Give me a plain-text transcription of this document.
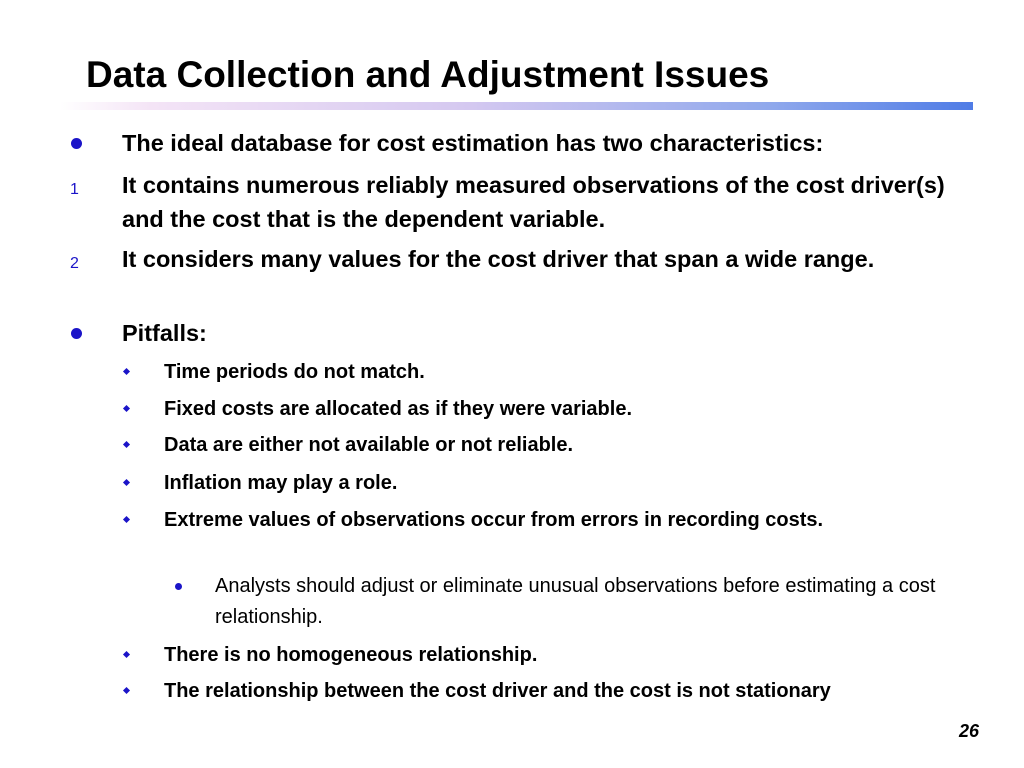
Data Collection and Adjustment Issues
The ideal database for cost estimation has two characteristics:
1 It contains numerous reliably measured observations of the cost driver(s) and the cost that is the dependent variable.
2 It considers many values for the cost driver that span a wide range.
Pitfalls:
Time periods do not match.
Fixed costs are allocated as if they were variable.
Data are either not available or not reliable.
Inflation may play a role.
Extreme values of observations occur from errors in recording costs.
Analysts should adjust or eliminate unusual observations before estimating a cost relationship.
There is no homogeneous relationship.
The relationship between the cost driver and the cost is not stationary
26
